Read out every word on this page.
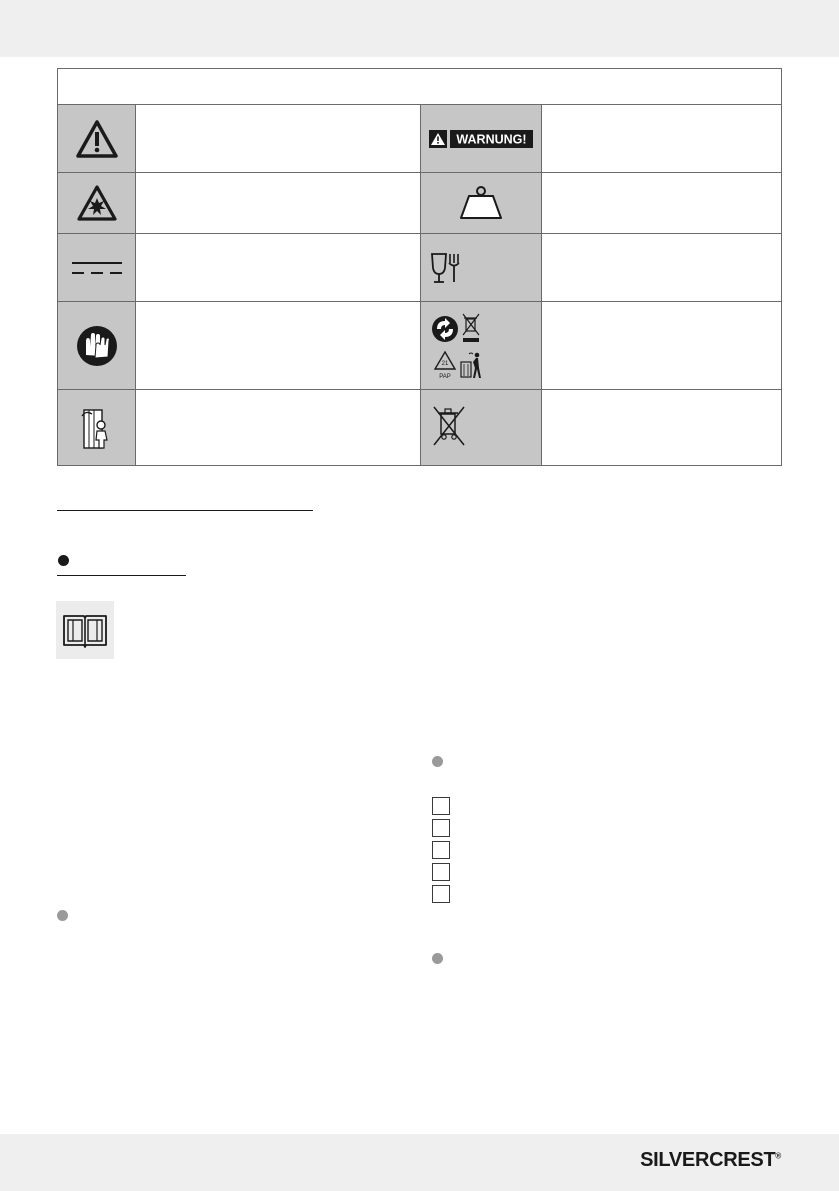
WARNUNG!	

21
PAP	

SILVERCREST®
